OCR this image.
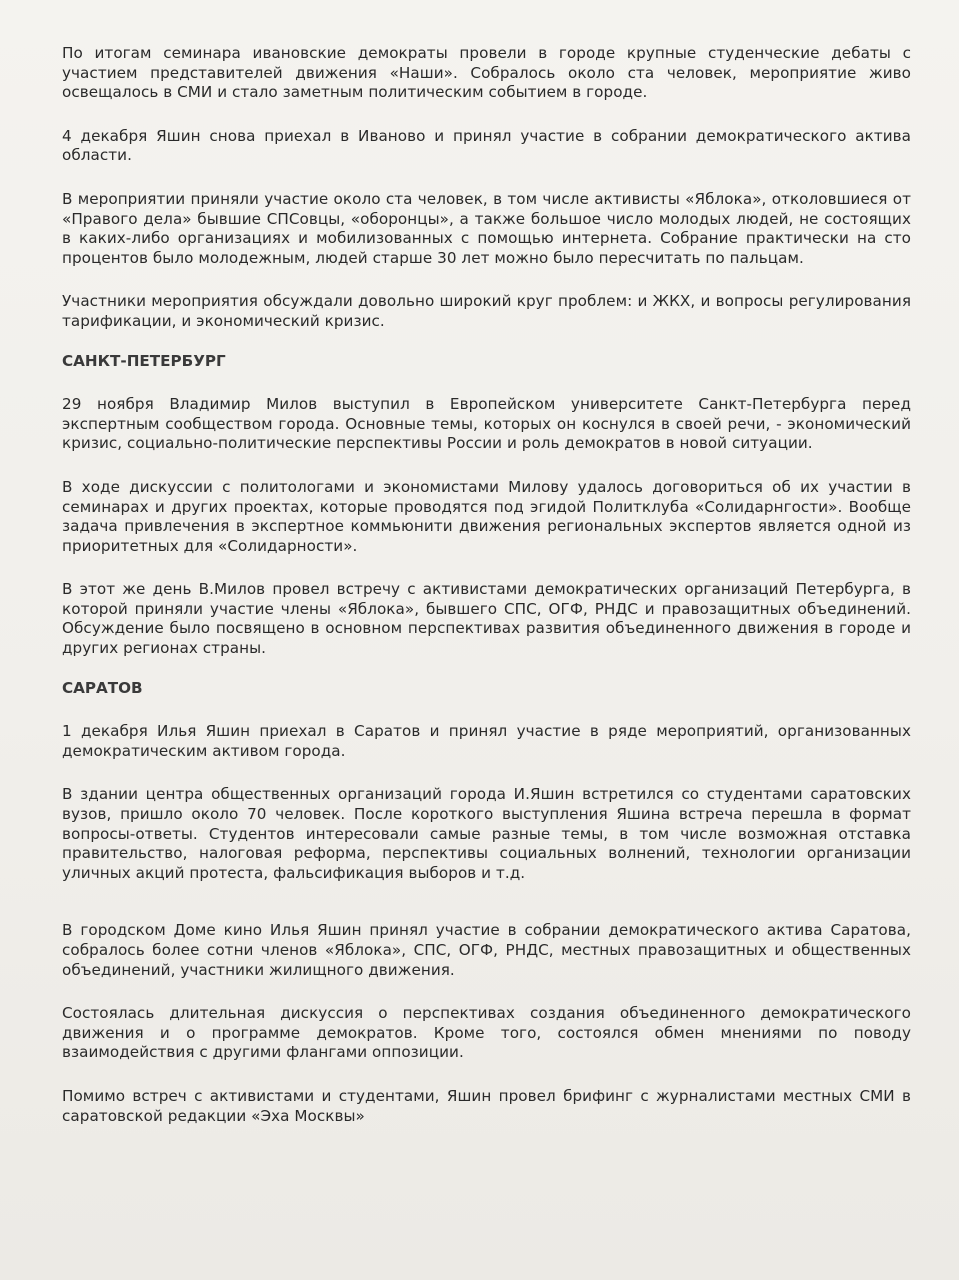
По итогам семинара ивановские демократы провели в городе крупные студенческие дебаты с участием представителей движения «Наши». Собралось около ста человек, мероприятие живо освещалось в СМИ и стало заметным политическим событием в городе.

4 декабря Яшин снова приехал в Иваново и принял участие в собрании демократического актива области.

В мероприятии приняли участие около ста человек, в том числе активисты «Яблока», отколовшиеся от «Правого дела» бывшие СПСовцы, «оборонцы», а также большое число молодых людей, не состоящих в каких-либо организациях и мобилизованных с помощью интернета. Собрание практически на сто процентов было молодежным, людей старше 30 лет можно было пересчитать по пальцам.

Участники мероприятия обсуждали довольно широкий круг проблем: и ЖКХ, и вопросы регулирования тарификации, и экономический кризис.

САНКТ-ПЕТЕРБУРГ

29 ноября Владимир Милов выступил в Европейском университете Санкт-Петербурга перед экспертным сообществом города. Основные темы, которых он коснулся в своей речи, - экономический кризис, социально-политические перспективы России и роль демократов в новой ситуации.

В ходе дискуссии с политологами и экономистами Милову удалось договориться об их участии в семинарах и других проектах, которые проводятся под эгидой Политклуба «Солидарнгости». Вообще задача привлечения в экспертное коммьюнити движения региональных экспертов является одной из приоритетных для «Солидарности».

В этот же день В.Милов провел встречу с активистами демократических организаций Петербурга, в которой приняли участие члены «Яблока», бывшего СПС, ОГФ, РНДС и правозащитных объединений. Обсуждение было посвящено в основном перспективах развития объединенного движения в городе и других регионах страны.

САРАТОВ

1 декабря Илья Яшин приехал в Саратов и принял участие в ряде мероприятий, организованных демократическим активом города.

В здании центра общественных организаций города И.Яшин встретился со студентами саратовских вузов, пришло около 70 человек. После короткого выступления Яшина встреча перешла в формат вопросы-ответы. Студентов интересовали самые разные темы, в том числе возможная отставка правительство, налоговая реформа, перспективы социальных волнений, технологии организации уличных акций протеста, фальсификация выборов и т.д.

В городском Доме кино Илья Яшин принял участие в собрании демократического актива Саратова, собралось более сотни членов «Яблока», СПС, ОГФ, РНДС, местных правозащитных и общественных объединений, участники жилищного движения.

Состоялась длительная дискуссия о перспективах создания объединенного демократического движения и о программе демократов. Кроме того, состоялся обмен мнениями по поводу взаимодействия с другими флангами оппозиции.

Помимо встреч с активистами и студентами, Яшин провел брифинг с журналистами местных СМИ в саратовской редакции «Эха Москвы»
